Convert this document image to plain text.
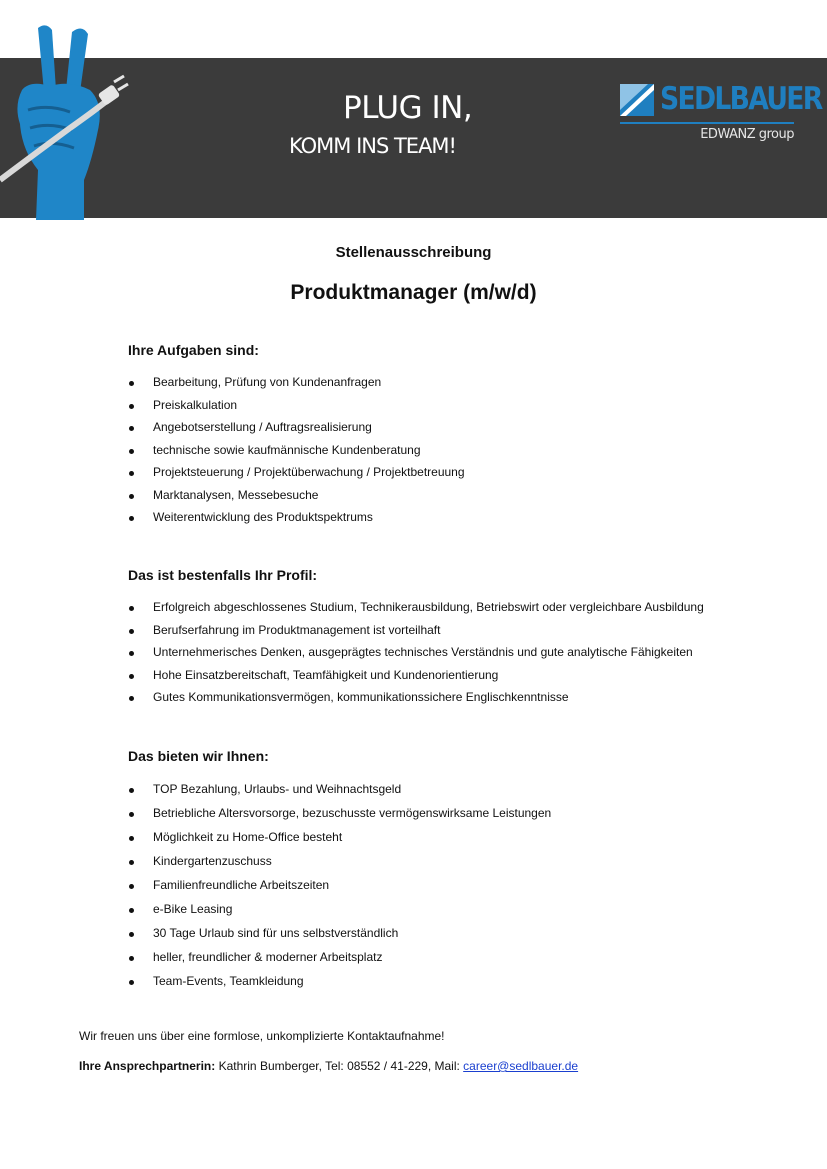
PLUG IN,
KOMM INS TEAM!
SEDLBAUER
EDWANZ group
Stellenausschreibung
Produktmanager (m/w/d)
Ihre Aufgaben sind:
Bearbeitung, Prüfung von Kundenanfragen
Preiskalkulation
Angebotserstellung / Auftragsrealisierung
technische sowie kaufmännische Kundenberatung
Projektsteuerung / Projektüberwachung / Projektbetreuung
Marktanalysen, Messebesuche
Weiterentwicklung des Produktspektrums
Das ist bestenfalls Ihr Profil:
Erfolgreich abgeschlossenes Studium, Technikerausbildung, Betriebswirt oder vergleichbare Ausbildung
Berufserfahrung im Produktmanagement ist vorteilhaft
Unternehmerisches Denken, ausgeprägtes technisches Verständnis und gute analytische Fähigkeiten
Hohe Einsatzbereitschaft, Teamfähigkeit und Kundenorientierung
Gutes Kommunikationsvermögen, kommunikationssichere Englischkenntnisse
Das bieten wir Ihnen:
TOP Bezahlung, Urlaubs- und Weihnachtsgeld
Betriebliche Altersvorsorge, bezuschusste vermögenswirksame Leistungen
Möglichkeit zu Home-Office besteht
Kindergartenzuschuss
Familienfreundliche Arbeitszeiten
e-Bike Leasing
30 Tage Urlaub sind für uns selbstverständlich
heller, freundlicher & moderner Arbeitsplatz
Team-Events, Teamkleidung
Wir freuen uns über eine formlose, unkomplizierte Kontaktaufnahme!
Ihre Ansprechpartnerin: Kathrin Bumberger, Tel: 08552 / 41-229, Mail: career@sedlbauer.de
